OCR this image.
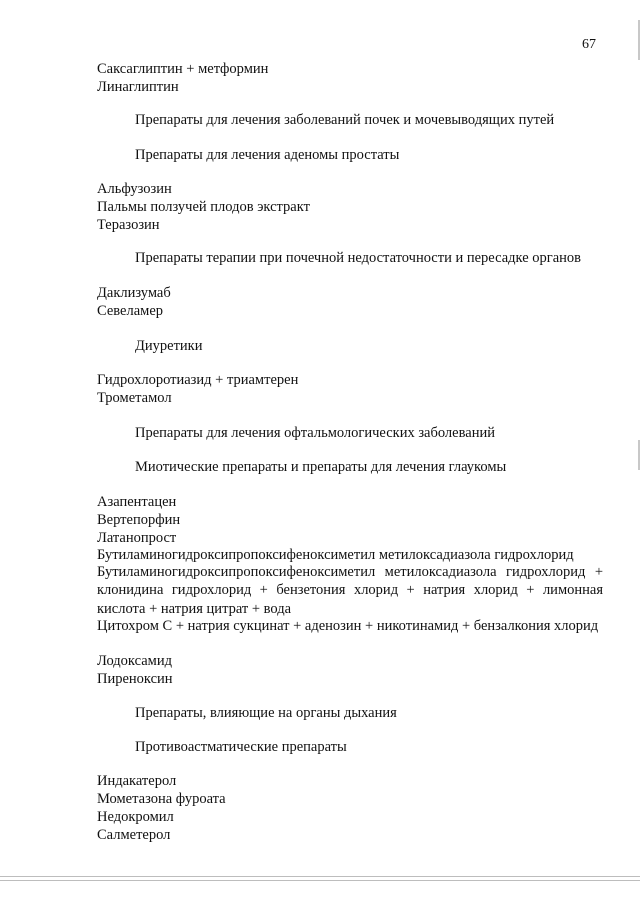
67
Саксаглиптин + метформин
Линаглиптин
Препараты для лечения заболеваний почек и мочевыводящих путей
Препараты для лечения аденомы простаты
Альфузозин
Пальмы ползучей плодов экстракт
Теразозин
Препараты терапии при почечной недостаточности и пересадке органов
Даклизумаб
Севеламер
Диуретики
Гидрохлоротиазид + триамтерен
Трометамол
Препараты для лечения офтальмологических заболеваний
Миотические препараты и препараты для лечения глаукомы
Азапентацен
Вертепорфин
Латанопрост
Бутиламиногидроксипропоксифеноксиметил метилоксадиазола гидрохлорид
Бутиламиногидроксипропоксифеноксиметил метилоксадиазола гидрохлорид + клонидина гидрохлорид + бензетония хлорид + натрия хлорид + лимонная кислота + натрия цитрат + вода
Цитохром С + натрия сукцинат + аденозин + никотинамид + бензалкония хлорид
Лодоксамид
Пиреноксин
Препараты, влияющие на органы дыхания
Противоастматические препараты
Индакатерол
Мометазона фуроата
Недокромил
Салметерол
